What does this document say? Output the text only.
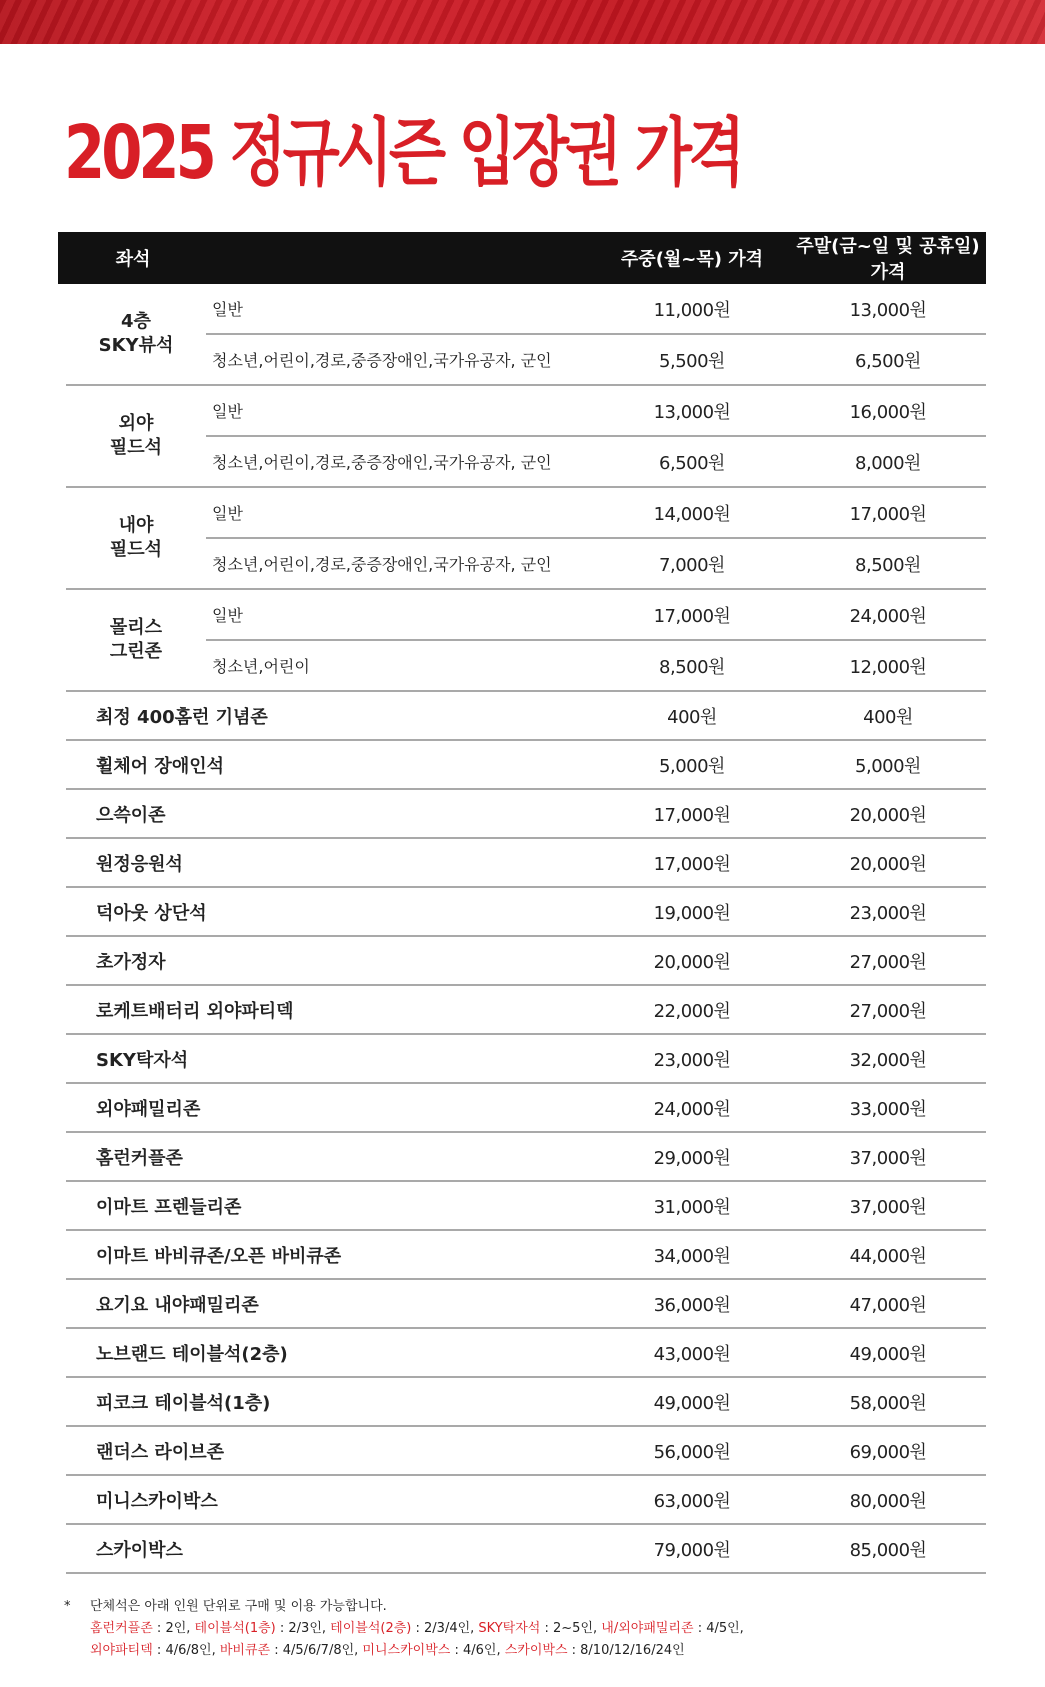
2025 정규시즌 입장권 가격
좌석	주중(월~목) 가격
주말(금~일 및 공휴일) 가격
4층
SKY뷰석
일반	11,000원	13,000원
청소년,어린이,경로,중증장애인,국가유공자, 군인	5,500원	6,500원
외야
필드석
일반	13,000원	16,000원
청소년,어린이,경로,중증장애인,국가유공자, 군인	6,500원	8,000원
내야
필드석
일반	14,000원	17,000원
청소년,어린이,경로,중증장애인,국가유공자, 군인	7,000원	8,500원
몰리스
그린존
일반	17,000원	24,000원
청소년,어린이	8,500원	12,000원
최정 400홈런 기념존	400원	400원
휠체어 장애인석	5,000원	5,000원
으쓱이존	17,000원	20,000원
원정응원석	17,000원	20,000원
덕아웃 상단석	19,000원	23,000원
초가정자	20,000원	27,000원
로케트배터리 외야파티덱	22,000원	27,000원
SKY탁자석	23,000원	32,000원
외야패밀리존	24,000원	33,000원
홈런커플존	29,000원	37,000원
이마트 프렌들리존	31,000원	37,000원
이마트 바비큐존/오픈 바비큐존	34,000원	44,000원
요기요 내야패밀리존	36,000원	47,000원
노브랜드 테이블석(2층)	43,000원	49,000원
피코크 테이블석(1층)	49,000원	58,000원
랜더스 라이브존	56,000원	69,000원
미니스카이박스	63,000원	80,000원
스카이박스	79,000원	85,000원
*	단체석은 아래 인원 단위로 구매 및 이용 가능합니다.
홈런커플존 : 2인, 테이블석(1층) : 2/3인, 테이블석(2층) : 2/3/4인, SKY탁자석 : 2~5인, 내/외야패밀리존 : 4/5인,
외야파티덱 : 4/6/8인, 바비큐존 : 4/5/6/7/8인, 미니스카이박스 : 4/6인, 스카이박스 : 8/10/12/16/24인
